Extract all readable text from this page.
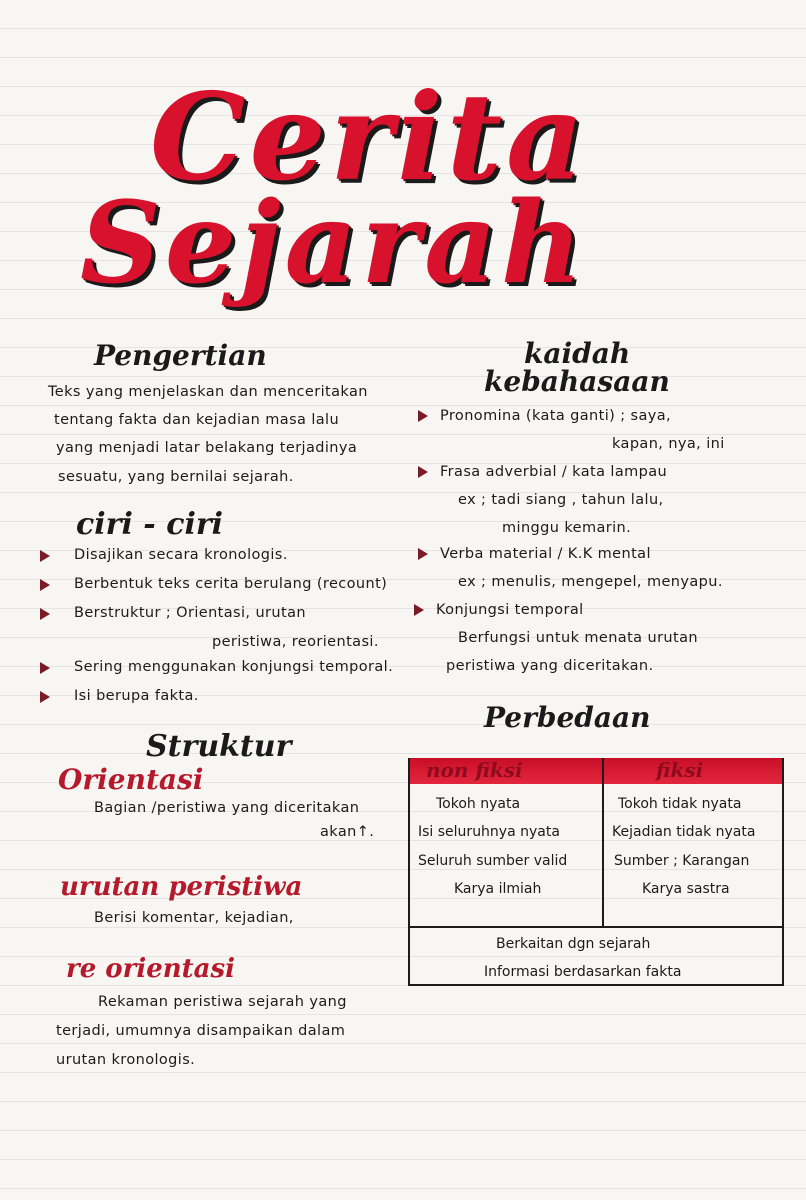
Cerita
Sejarah
Pengertian
Teks yang menjelaskan dan menceritakan
tentang fakta dan kejadian masa lalu
yang menjadi latar belakang terjadinya
sesuatu, yang bernilai sejarah.
ciri - ciri
Disajikan secara kronologis.
Berbentuk teks cerita berulang (recount)
Berstruktur ; Orientasi, urutan
peristiwa, reorientasi.
Sering menggunakan konjungsi temporal.
Isi berupa fakta.
Struktur
Orientasi
Bagian /peristiwa yang diceritakan
akan↑.
urutan peristiwa
Berisi komentar, kejadian,
re orientasi
Rekaman peristiwa sejarah yang
terjadi, umumnya disampaikan dalam
urutan kronologis.
kaidah
kebahasaan
Pronomina (kata ganti) ; saya,
kapan, nya, ini
Frasa adverbial / kata lampau
ex ; tadi siang , tahun lalu,
minggu kemarin.
Verba material / K.K mental
ex ; menulis, mengepel, menyapu.
Konjungsi temporal
Berfungsi untuk menata urutan
peristiwa yang diceritakan.
Perbedaan
non fiksi	fiksi
Tokoh nyata	Tokoh tidak nyata
Isi seluruhnya nyata	Kejadian tidak nyata
Seluruh sumber valid	Sumber ; Karangan
Karya ilmiah	Karya sastra
Berkaitan dgn sejarah
Informasi berdasarkan fakta
